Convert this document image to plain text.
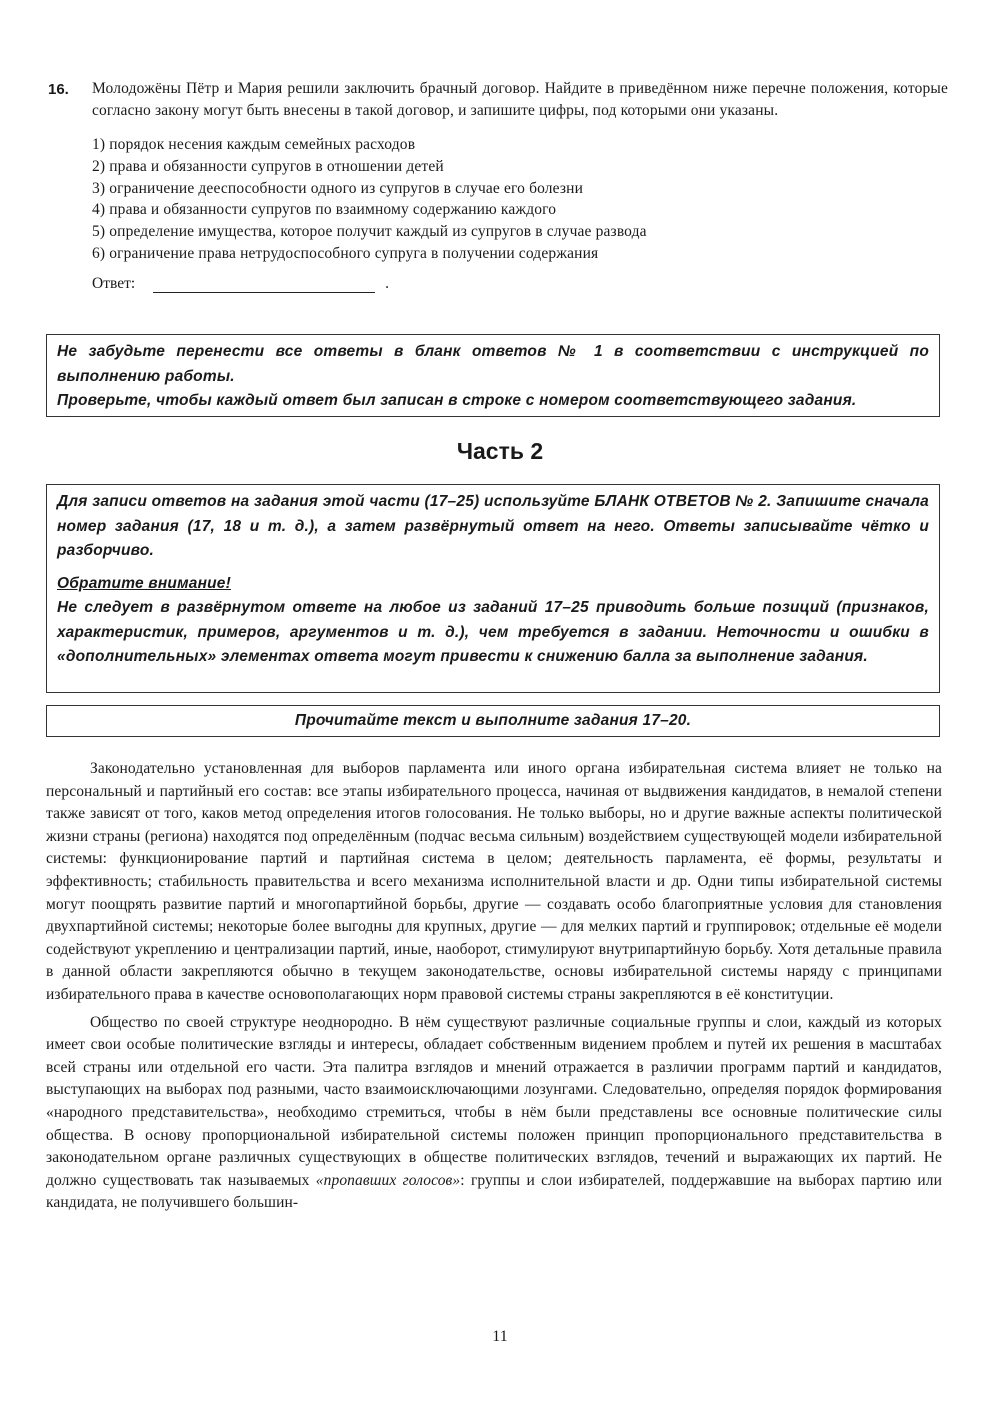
16. Молодожёны Пётр и Мария решили заключить брачный договор. Найдите в приведённом ниже перечне положения, которые согласно закону могут быть внесены в такой договор, и запишите цифры, под которыми они указаны.
1) порядок несения каждым семейных расходов
2) права и обязанности супругов в отношении детей
3) ограничение дееспособности одного из супругов в случае его болезни
4) права и обязанности супругов по взаимному содержанию каждого
5) определение имущества, которое получит каждый из супругов в случае развода
6) ограничение права нетрудоспособного супруга в получении содержания
Ответ:	.
Не забудьте перенести все ответы в бланк ответов № 1 в соответствии с инструкцией по выполнению работы.
Проверьте, чтобы каждый ответ был записан в строке с номером соответствующего задания.
Часть 2
Для записи ответов на задания этой части (17–25) используйте БЛАНК ОТВЕТОВ № 2. Запишите сначала номер задания (17, 18 и т. д.), а затем развёрнутый ответ на него. Ответы записывайте чётко и разборчиво.
Обратите внимание!
Не следует в развёрнутом ответе на любое из заданий 17–25 приводить больше позиций (признаков, характеристик, примеров, аргументов и т. д.), чем требуется в задании. Неточности и ошибки в «дополнительных» элементах ответа могут привести к снижению балла за выполнение задания.
Прочитайте текст и выполните задания 17–20.

Законодательно установленная для выборов парламента или иного органа избирательная система влияет не только на персональный и партийный его состав: все этапы избирательного процесса, начиная от выдвижения кандидатов, в немалой степени также зависят от того, каков метод определения итогов голосования. Не только выборы, но и другие важные аспекты политической жизни страны (региона) находятся под определённым (подчас весьма сильным) воздействием существующей модели избирательной системы: функционирование партий и партийная система в целом; деятельность парламента, её формы, результаты и эффективность; стабильность правительства и всего механизма исполнительной власти и др. Одни типы избирательной системы могут поощрять развитие партий и многопартийной борьбы, другие — создавать особо благоприятные условия для становления двухпартийной системы; некоторые более выгодны для крупных, другие — для мелких партий и группировок; отдельные её модели содействуют укреплению и централизации партий, иные, наоборот, стимулируют внутрипартийную борьбу. Хотя детальные правила в данной области закрепляются обычно в текущем законодательстве, основы избирательной системы наряду с принципами избирательного права в качестве основополагающих норм правовой системы страны закрепляются в её конституции.

Общество по своей структуре неоднородно. В нём существуют различные социальные группы и слои, каждый из которых имеет свои особые политические взгляды и интересы, обладает собственным видением проблем и путей их решения в масштабах всей страны или отдельной его части. Эта палитра взглядов и мнений отражается в различии программ партий и кандидатов, выступающих на выборах под разными, часто взаимоисключающими лозунгами. Следовательно, определяя порядок формирования «народного представительства», необходимо стремиться, чтобы в нём были представлены все основные политические силы общества. В основу пропорциональной избирательной системы положен принцип пропорционального представительства в законодательном органе различных существующих в обществе политических взглядов, течений и выражающих их партий. Не должно существовать так называемых «пропавших голосов»: группы и слои избирателей, поддержавшие на выборах партию или кандидата, не получившего большин-

11
